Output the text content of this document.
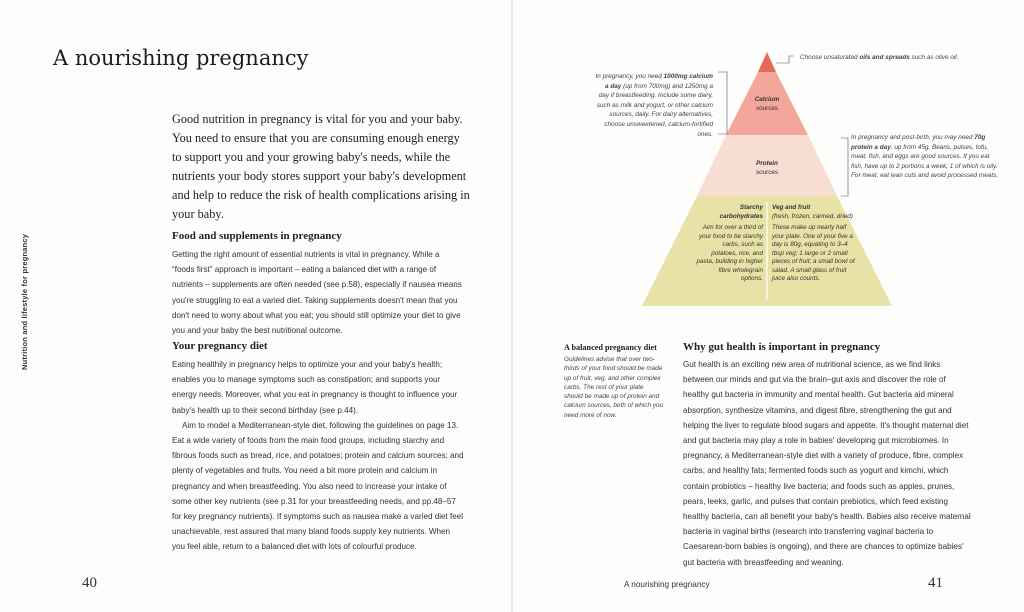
A nourishing pregnancy

Good nutrition in pregnancy is vital for you and your baby. You need to ensure that you are consuming enough energy to support you and your growing baby's needs, while the nutrients your body stores support your baby's development and help to reduce the risk of health complications arising in your baby.

Nutrition and lifestyle for pregnancy	Food and supplements in pregnancy

Getting the right amount of essential nutrients is vital in pregnancy. While a “foods first” approach is important – eating a balanced diet with a range of nutrients – supplements are often needed (see p.58), especially if nausea means you're struggling to eat a varied diet. Taking supplements doesn't mean that you don't need to worry about what you eat; you should still optimize your diet to give you and your baby the best nutritional outcome.

Your pregnancy diet

Eating healthily in pregnancy helps to optimize your and your baby's health; enables you to manage symptoms such as constipation; and supports your energy needs. Moreover, what you eat in pregnancy is thought to influence your baby's health up to their second birthday (see p.44).

Aim to model a Mediterranean-style diet, following the guidelines on page 13. Eat a wide variety of foods from the main food groups, including starchy and fibrous foods such as bread, rice, and potatoes; protein and calcium sources; and plenty of vegetables and fruits. You need a bit more protein and calcium in pregnancy and when breastfeeding. You also need to increase your intake of some other key nutrients (see p.31 for your breastfeeding needs, and pp.48–57 for key pregnancy nutrients). If symptoms such as nausea make a varied diet feel unachievable, rest assured that many bland foods supply key nutrients. When you feel able, return to a balanced diet with lots of colourful produce.

40

Choose unsaturated oils and spreads such as olive oil.

In pregnancy, you need 1000mg calcium a day (up from 700mg) and 1250mg a day if breastfeeding. Include some dairy, such as milk and yogurt, or other calcium sources, daily. For dairy alternatives, choose unsweetened, calcium-fortified ones.	In pregnancy and post-birth, you may need 70g protein a day, up from 45g. Beans, pulses, tofu, meat, fish, and eggs are good sources. If you eat fish, have up to 2 portions a week, 1 of which is oily. For meat, eat lean cuts and avoid processed meats.

Calcium
sources
Protein
sources
Starchy carbohydrates
Aim for over a third of your food to be starchy carbs, such as potatoes, rice, and pasta, building in higher fibre wholegrain options.
Veg and fruit
(fresh, frozen, canned, dried)
These make up nearly half your plate. One of your five a day is 80g, equating to 3–4 tbsp veg; 1 large or 2 small pieces of fruit; a small bowl of salad. A small glass of fruit juice also counts.
A balanced pregnancy diet

Guidelines advise that over two-thirds of your food should be made up of fruit, veg, and other complex carbs. The rest of your plate should be made up of protein and calcium sources, both of which you need more of now.

Why gut health is important in pregnancy

Gut health is an exciting new area of nutritional science, as we find links between our minds and gut via the brain–gut axis and discover the role of healthy gut bacteria in immunity and mental health. Gut bacteria aid mineral absorption, synthesize vitamins, and digest fibre, strengthening the gut and helping the liver to regulate blood sugars and appetite. It's thought maternal diet and gut bacteria may play a role in babies' developing gut microbiomes. In pregnancy, a Mediterranean-style diet with a variety of produce, fibre, complex carbs, and healthy fats; fermented foods such as yogurt and kimchi, which contain probiotics – healthy live bacteria; and foods such as apples, prunes, pears, leeks, garlic, and pulses that contain prebiotics, which feed existing healthy bacteria, can all benefit your baby's health. Babies also receive maternal bacteria in vaginal births (research into transferring vaginal bacteria to Caesarean-born babies is ongoing), and there are chances to optimize babies' gut bacteria with breastfeeding and weaning.

A nourishing pregnancy	41
